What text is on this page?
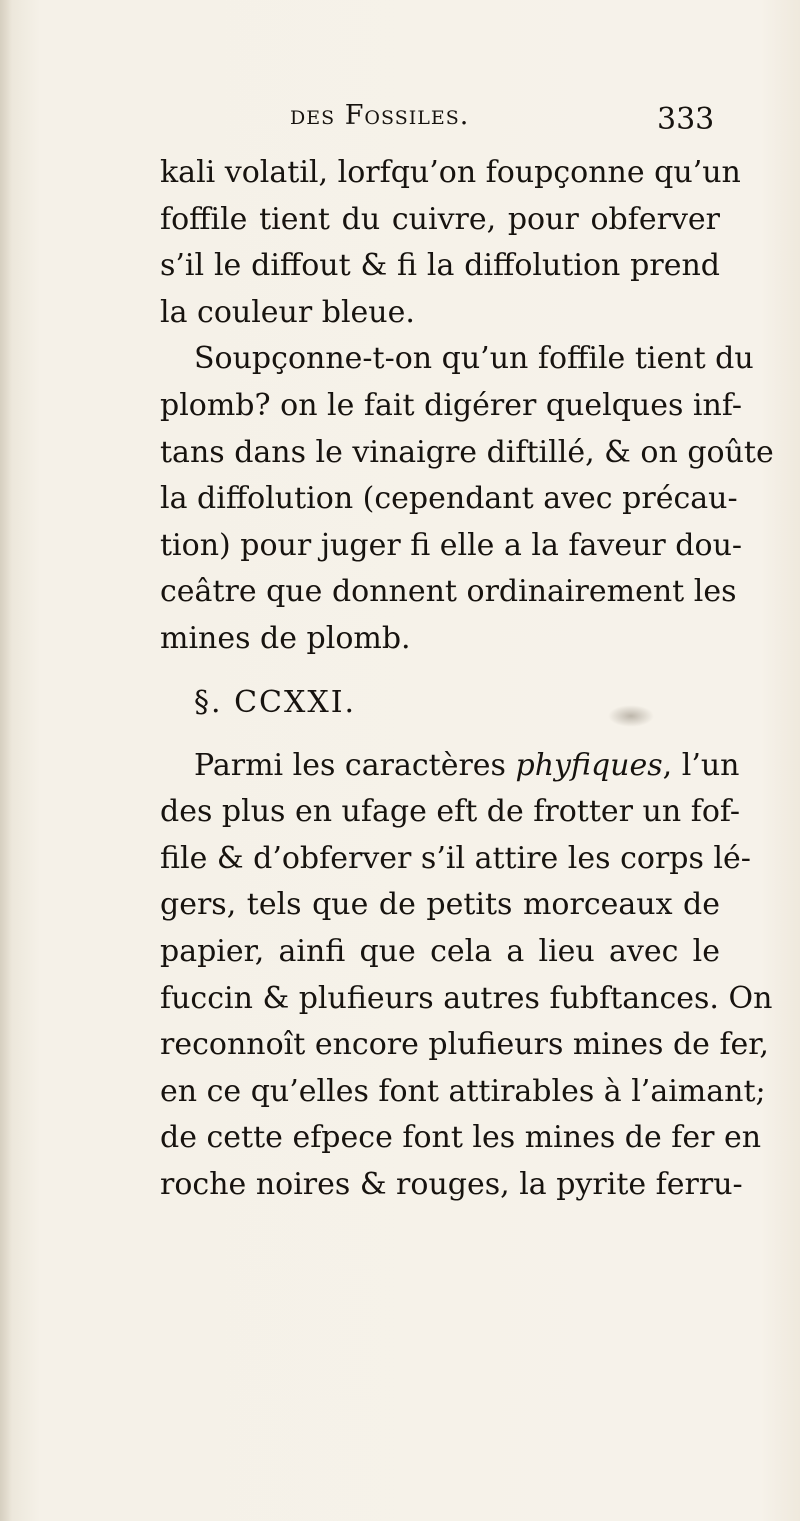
des Fossiles.	333
kali volatil, lorfqu’on foupçonne qu’un
foffile tient du cuivre, pour obferver
s’il le diffout & fi la diffolution prend
la couleur bleue.
Soupçonne-t-on qu’un foffile tient du
plomb? on le fait digérer quelques inf-
tans dans le vinaigre diftillé, & on goûte
la diffolution (cependant avec précau-
tion) pour juger fi elle a la faveur dou-
ceâtre que donnent ordinairement les
mines de plomb.
§. CCXXI.
Parmi les caractères phyfiques, l’un
des plus en ufage eft de frotter un fof-
file & d’obferver s’il attire les corps lé-
gers, tels que de petits morceaux de
papier, ainfi que cela a lieu avec le
fuccin & plufieurs autres fubftances. On
reconnoît encore plufieurs mines de fer,
en ce qu’elles font attirables à l’aimant;
de cette efpece font les mines de fer en
roche noires & rouges, la pyrite ferru-
